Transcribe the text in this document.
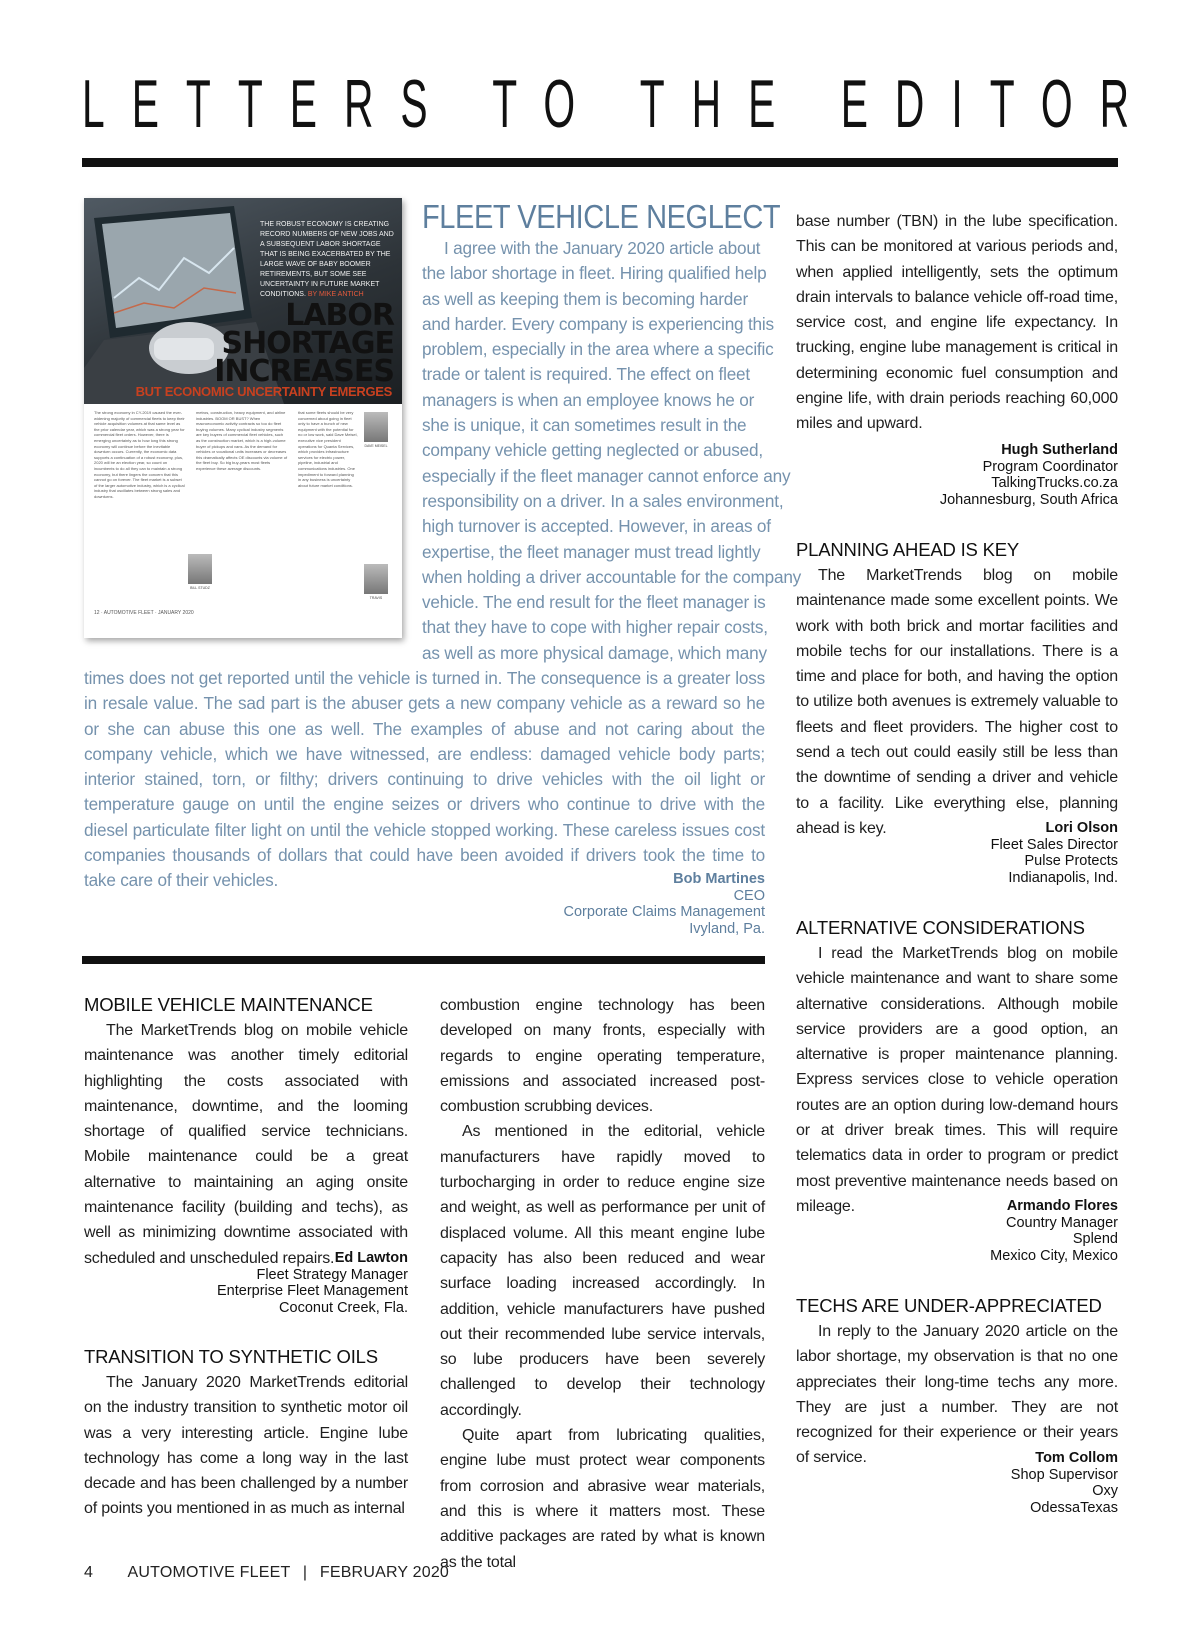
LETTERS TO THE EDITOR
THE ROBUST ECONOMY IS CREATING RECORD NUMBERS OF NEW JOBS AND A SUBSEQUENT LABOR SHORTAGE THAT IS BEING EXACERBATED BY THE LARGE WAVE OF BABY BOOMER RETIREMENTS, BUT SOME SEE UNCERTAINTY IN FUTURE MARKET CONDITIONS. BY MIKE ANTICH
LABOR
SHORTAGE
INCREASES
BUT ECONOMIC UNCERTAINTY EMERGES
The strong economy in CY-2019 caused the ever-widening majority of commercial fleets to keep their vehicle acquisition volumes at that same level as the prior calendar year, which was a strong year for commercial fleet orders. However, there is emerging uncertainty as to how long this strong economy will continue before the inevitable downturn occurs. Currently, the economic data supports a continuation of a robust economy, plus, 2020 will be an election year, so count on incumbents to do all they can to maintain a strong economy, but there lingers the concern that this cannot go on forever. The fleet market is a subset of the larger automotive industry, which is a cyclical industry that oscillates between strong sales and downturns.
metros, construction, heavy equipment, and airline industries. BOOM OR BUST? When macroeconomic activity contracts so too do fleet buying volumes. Many cyclical industry segments are key buyers of commercial fleet vehicles, such as the construction market, which is a high-volume buyer of pickups and vans. As the demand for vehicles or vocational units increases or decreases this dramatically affects OE discounts via volume of the fleet buy. So big buy-years most fleets experience these average discounts.
that some fleets should be very concerned about going in fleet only to have a bunch of new equipment with the potential for no or low work, said Dave Meisel, executive vice president operations for Quanta Services, which provides infrastructure services for electric power, pipeline, industrial and communications industries. One impediment to forward planning in any business is uncertainty about future market conditions.
DAVE MEISEL
BILL STUDZ
TRAVIS
12 · AUTOMOTIVE FLEET · JANUARY 2020
FLEET VEHICLE NEGLECT
I agree with the January 2020 article about
the labor shortage in fleet. Hiring qualified help
as well as keeping them is becoming harder
and harder. Every company is experiencing this
problem, especially in the area where a specific
trade or talent is required. The effect on fleet
managers is when an employee knows he or
she is unique, it can sometimes result in the
company vehicle getting neglected or abused,
especially if the fleet manager cannot enforce any
responsibility on a driver. In a sales environment,
high turnover is accepted. However, in areas of
expertise, the fleet manager must tread lightly
when holding a driver accountable for the company
vehicle. The end result for the fleet manager is
that they have to cope with higher repair costs,
as well as more physical damage, which many

times does not get reported until the vehicle is turned in. The consequence is a greater loss in resale value. The sad part is the abuser gets a new company vehicle as a reward so he or she can abuse this one as well. The examples of abuse and not caring about the company vehicle, which we have witnessed, are endless: damaged vehicle body parts; interior stained, torn, or filthy; drivers continuing to drive vehicles with the oil light or temperature gauge on until the engine seizes or drivers who continue to drive with the diesel particulate filter light on until the vehicle stopped working. These careless issues cost companies thousands of dollars that could have been avoided if drivers took the time to take care of their vehicles.	Bob Martines
CEO
Corporate Claims Management
Ivyland, Pa.
MOBILE VEHICLE MAINTENANCE

The MarketTrends blog on mobile vehicle maintenance was another timely editorial highlighting the costs associated with maintenance, downtime, and the looming shortage of qualified service technicians. Mobile maintenance could be a great alternative to maintaining an aging onsite maintenance facility (building and techs), as well as minimizing downtime associated with scheduled and unscheduled repairs. Ed Lawton
Fleet Strategy Manager
Enterprise Fleet Management
Coconut Creek, Fla.
TRANSITION TO SYNTHETIC OILS

The January 2020 MarketTrends editorial on the industry transition to synthetic motor oil was a very interesting article. Engine lube technology has come a long way in the last decade and has been challenged by a number of points you mentioned in as much as internal

combustion engine technology has been developed on many fronts, especially with regards to engine operating temperature, emissions and associated increased post-combustion scrubbing devices.

As mentioned in the editorial, vehicle manufacturers have rapidly moved to turbocharging in order to reduce engine size and weight, as well as performance per unit of displaced volume. All this meant engine lube capacity has also been reduced and wear surface loading increased accordingly. In addition, vehicle manufacturers have pushed out their recommended lube service intervals, so lube producers have been severely challenged to develop their technology accordingly.

Quite apart from lubricating qualities, engine lube must protect wear components from corrosion and abrasive wear materials, and this is where it matters most. These additive packages are rated by what is known as the total

base number (TBN) in the lube specification. This can be monitored at various periods and, when applied intelligently, sets the optimum drain intervals to balance vehicle off-road time, service cost, and engine life expectancy. In trucking, engine lube management is critical in determining economic fuel consumption and engine life, with drain periods reaching 60,000 miles and upward.

Hugh Sutherland
Program Coordinator
TalkingTrucks.co.za
Johannesburg, South Africa
PLANNING AHEAD IS KEY

The MarketTrends blog on mobile maintenance made some excellent points. We work with both brick and mortar facilities and mobile techs for our installations. There is a time and place for both, and having the option to utilize both avenues is extremely valuable to fleets and fleet providers. The higher cost to send a tech out could easily still be less than the downtime of sending a driver and vehicle to a facility. Like everything else, planning ahead is key.	Lori Olson
Fleet Sales Director
Pulse Protects
Indianapolis, Ind.
ALTERNATIVE CONSIDERATIONS

I read the MarketTrends blog on mobile vehicle maintenance and want to share some alternative considerations. Although mobile service providers are a good option, an alternative is proper maintenance planning. Express services close to vehicle operation routes are an option during low-demand hours or at driver break times. This will require telematics data in order to program or predict most preventive maintenance needs based on mileage.	Armando Flores
Country Manager
Splend
Mexico City, Mexico
TECHS ARE UNDER-APPRECIATED

In reply to the January 2020 article on the labor shortage, my observation is that no one appreciates their long-time techs any more. They are just a number. They are not recognized for their experience or their years of service.	Tom Collom
Shop Supervisor
Oxy
OdessaTexas
4 AUTOMOTIVE FLEET | FEBRUARY 2020
